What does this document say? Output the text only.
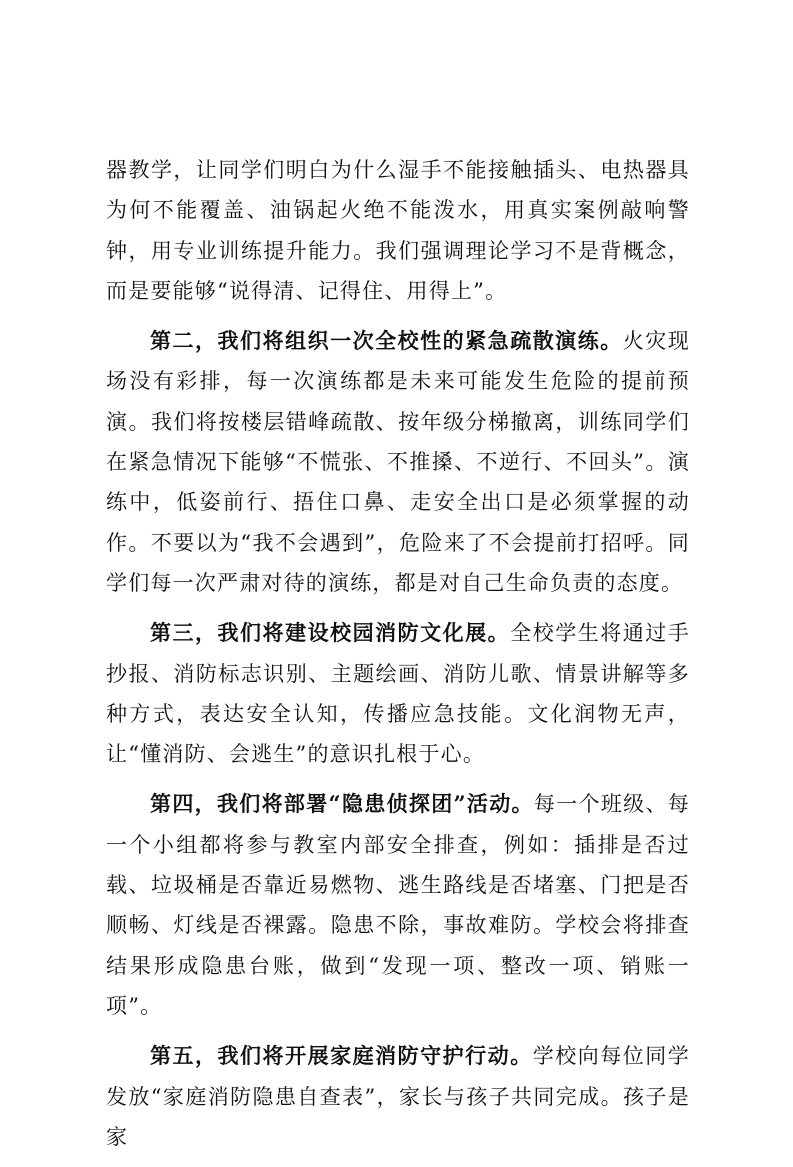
器教学，让同学们明白为什么湿手不能接触插头、电热器具为何不能覆盖、油锅起火绝不能泼水，用真实案例敲响警钟，用专业训练提升能力。我们强调理论学习不是背概念，而是要能够“说得清、记得住、用得上”。

第二，我们将组织一次全校性的紧急疏散演练。火灾现场没有彩排，每一次演练都是未来可能发生危险的提前预演。我们将按楼层错峰疏散、按年级分梯撤离，训练同学们在紧急情况下能够“不慌张、不推搡、不逆行、不回头”。演练中，低姿前行、捂住口鼻、走安全出口是必须掌握的动作。不要以为“我不会遇到”，危险来了不会提前打招呼。同学们每一次严肃对待的演练，都是对自己生命负责的态度。

第三，我们将建设校园消防文化展。全校学生将通过手抄报、消防标志识别、主题绘画、消防儿歌、情景讲解等多种方式，表达安全认知，传播应急技能。文化润物无声，让“懂消防、会逃生”的意识扎根于心。

第四，我们将部署“隐患侦探团”活动。每一个班级、每一个小组都将参与教室内部安全排查，例如：插排是否过载、垃圾桶是否靠近易燃物、逃生路线是否堵塞、门把是否顺畅、灯线是否裸露。隐患不除，事故难防。学校会将排查结果形成隐患台账，做到“发现一项、整改一项、销账一项”。

第五，我们将开展家庭消防守护行动。学校向每位同学发放“家庭消防隐患自查表”，家长与孩子共同完成。孩子是家
